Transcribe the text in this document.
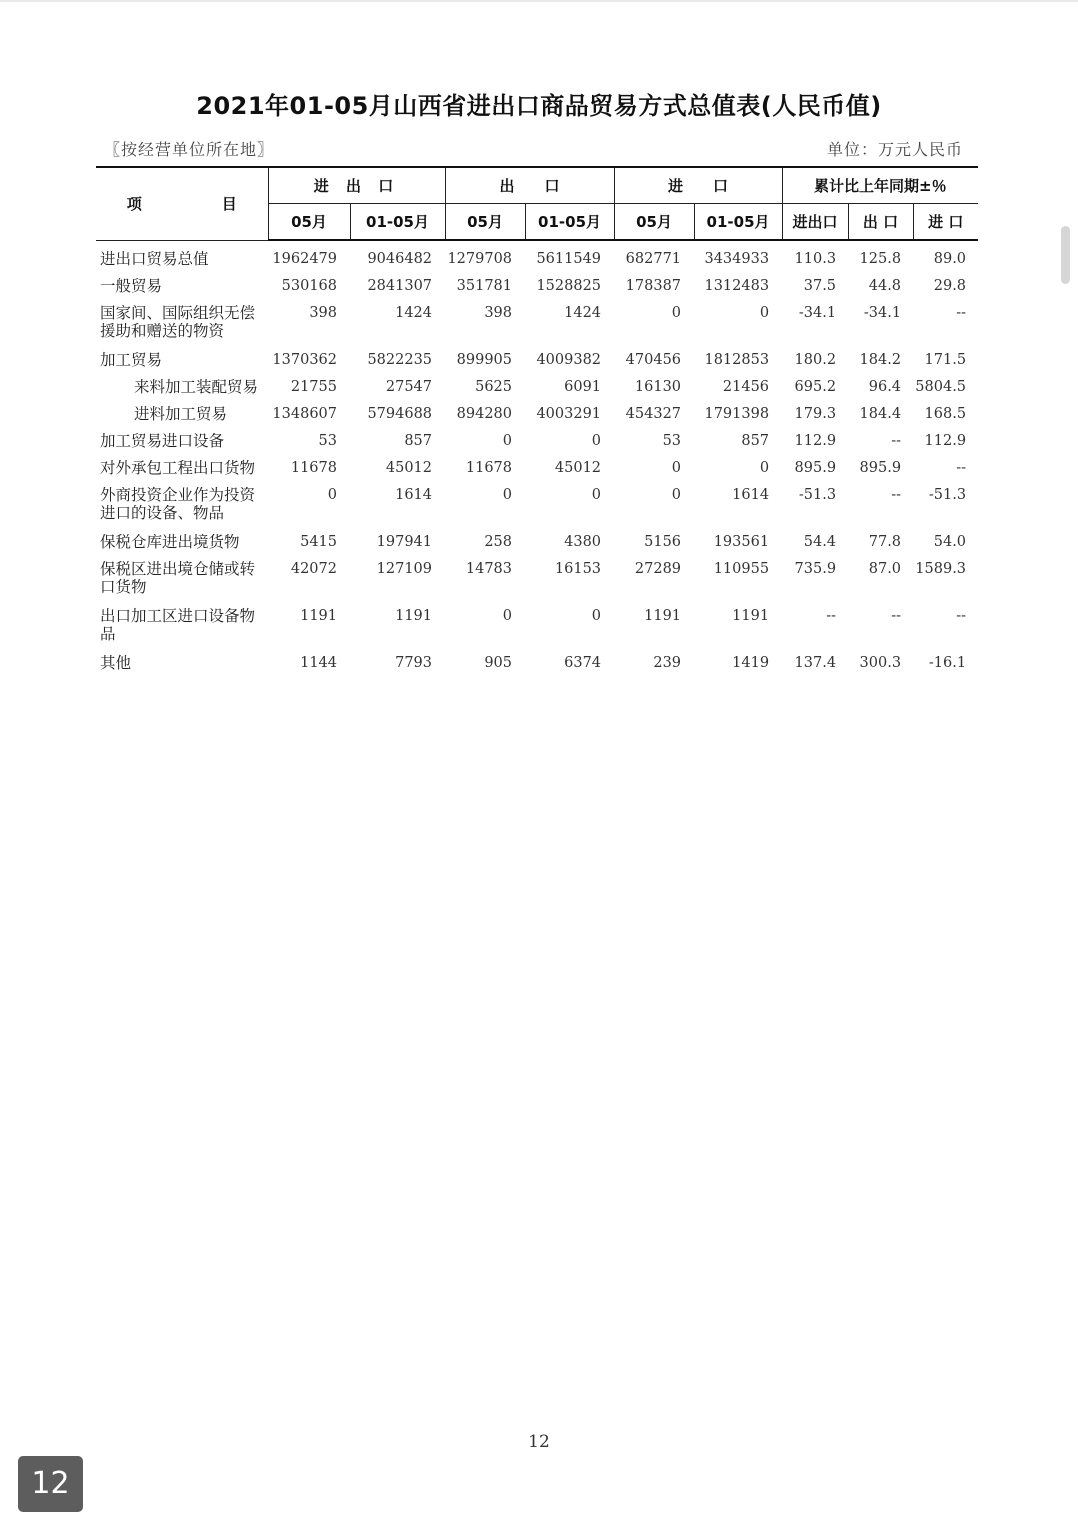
2021年01-05月山西省进出口商品贸易方式总值表(人民币值)
〖按经营单位所在地〗	单位：万元人民币
项　　目	进 出 口		出　　口		进　　口		累计比上年同期±％		
	05月	01-05月	05月	01-05月	05月	01-05月	进出口	出 口	进 口
进出口贸易总值	1962479	9046482	1279708	5611549	682771	3434933	110.3	125.8	89.0
一般贸易	530168	2841307	351781	1528825	178387	1312483	37.5	44.8	29.8
国家间、国际组织无偿援助和赠送的物资	398	1424	398	1424	0	0	-34.1	-34.1	--
加工贸易	1370362	5822235	899905	4009382	470456	1812853	180.2	184.2	171.5
来料加工装配贸易	21755	27547	5625	6091	16130	21456	695.2	96.4	5804.5
进料加工贸易	1348607	5794688	894280	4003291	454327	1791398	179.3	184.4	168.5
加工贸易进口设备	53	857	0	0	53	857	112.9	--	112.9
对外承包工程出口货物	11678	45012	11678	45012	0	0	895.9	895.9	--
外商投资企业作为投资进口的设备、物品	0	1614	0	0	0	1614	-51.3	--	-51.3
保税仓库进出境货物	5415	197941	258	4380	5156	193561	54.4	77.8	54.0
保税区进出境仓储或转口货物	42072	127109	14783	16153	27289	110955	735.9	87.0	1589.3
出口加工区进口设备物品	1191	1191	0	0	1191	1191	--	--	--
其他	1144	7793	905	6374	239	1419	137.4	300.3	-16.1
12
12
